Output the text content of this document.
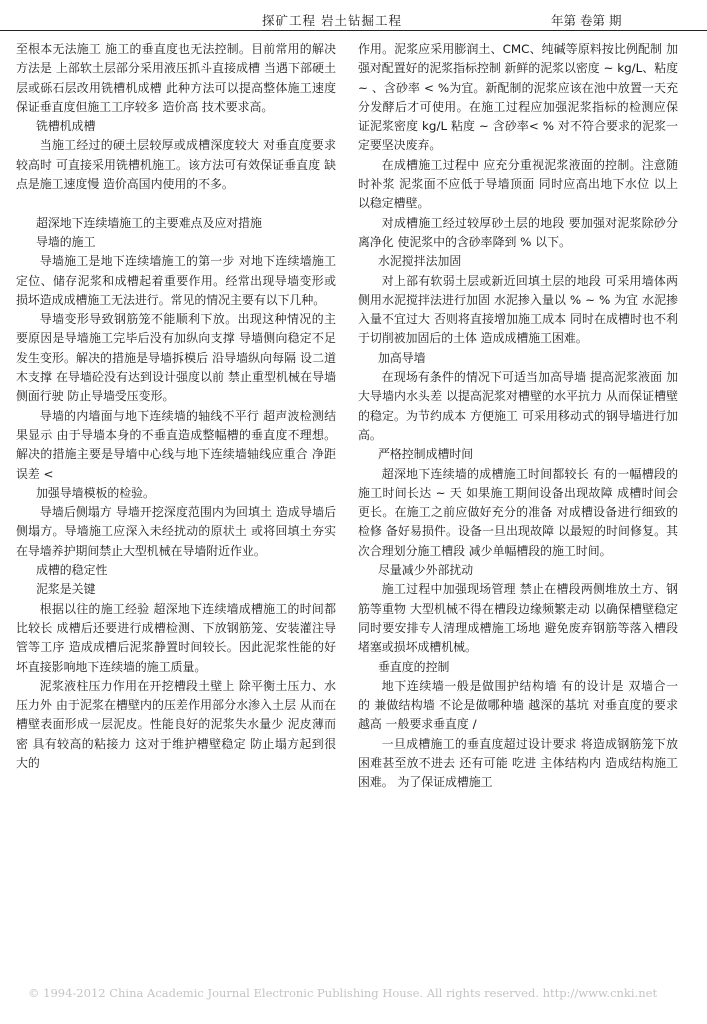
探矿工程 岩土钻掘工程	年第 卷第 期

至根本无法施工 施工的垂直度也无法控制。目前常用的解决方法是 上部软土层部分采用液压抓斗直接成槽 当遇下部硬土层或砾石层改用铣槽机成槽 此种方法可以提高整体施工速度 保证垂直度但施工工序较多 造价高 技术要求高。

铣槽机成槽

当施工经过的硬土层较厚或成槽深度较大 对垂直度要求较高时 可直接采用铣槽机施工。该方法可有效保证垂直度 缺点是施工速度慢 造价高国内使用的不多。

超深地下连续墙施工的主要难点及应对措施

导墙的施工

导墙施工是地下连续墙施工的第一步 对地下连续墙施工定位、储存泥浆和成槽起着重要作用。经常出现导墙变形或损坏造成成槽施工无法进行。常见的情况主要有以下几种。

导墙变形导致钢筋笼不能顺利下放。出现这种情况的主要原因是导墙施工完毕后没有加纵向支撑 导墙侧向稳定不足发生变形。解决的措施是导墙拆模后 沿导墙纵向每隔 设二道木支撑 在导墙砼没有达到设计强度以前 禁止重型机械在导墙侧面行驶 防止导墙受压变形。

导墙的内墙面与地下连续墙的轴线不平行 超声波检测结果显示 由于导墙本身的不垂直造成整幅槽的垂直度不理想。解决的措施主要是导墙中心线与地下连续墙轴线应重合 净距误差 <

加强导墙模板的检验。

导墙后侧塌方 导墙开挖深度范围内为回填土 造成导墙后侧塌方。导墙施工应深入未经扰动的原状土 或将回填土夯实 在导墙养护期间禁止大型机械在导墙附近作业。

成槽的稳定性

泥浆是关键

根据以往的施工经验 超深地下连续墙成槽施工的时间都比较长 成槽后还要进行成槽检测、下放钢筋笼、安装灌注导管等工序 造成成槽后泥浆静置时间较长。因此泥浆性能的好坏直接影响地下连续墙的施工质量。

泥浆液柱压力作用在开挖槽段土壁上 除平衡土压力、水压力外 由于泥浆在槽壁内的压差作用部分水渗入土层 从而在槽壁表面形成一层泥皮。性能良好的泥浆失水量少 泥皮薄而密 具有较高的粘接力 这对于维护槽壁稳定 防止塌方起到很大的

作用。泥浆应采用膨润土、CMC、纯碱等原料按比例配制 加强对配置好的泥浆指标控制 新鲜的泥浆以密度 ~ kg/L、粘度 ~ 、含砂率 < %为宜。新配制的泥浆应该在池中放置一天充分发酵后才可使用。在施工过程应加强泥浆指标的检测应保证泥浆密度 kg/L 粘度 ~ 含砂率< % 对不符合要求的泥浆一定要坚决废弃。

在成槽施工过程中 应充分重视泥浆液面的控制。注意随时补浆 泥浆面不应低于导墙顶面 同时应高出地下水位 以上 以稳定槽壁。

对成槽施工经过较厚砂土层的地段 要加强对泥浆除砂分离净化 使泥浆中的含砂率降到 % 以下。

水泥搅拌法加固

对上部有软弱土层或新近回填土层的地段 可采用墙体两侧用水泥搅拌法进行加固 水泥掺入量以 % ~ % 为宜 水泥掺入量不宜过大 否则将直接增加施工成本 同时在成槽时也不利于切削被加固后的土体 造成成槽施工困难。

加高导墙

在现场有条件的情况下可适当加高导墙 提高泥浆液面 加大导墙内水头差 以提高泥浆对槽壁的水平抗力 从而保证槽壁的稳定。为节约成本 方便施工 可采用移动式的钢导墙进行加高。

严格控制成槽时间

超深地下连续墙的成槽施工时间都较长 有的一幅槽段的施工时间长达 ~ 天 如果施工期间设备出现故障 成槽时间会更长。在施工之前应做好充分的准备 对成槽设备进行细致的检修 备好易损件。设备一旦出现故障 以最短的时间修复。其次合理划分施工槽段 减少单幅槽段的施工时间。

尽量减少外部扰动

施工过程中加强现场管理 禁止在槽段两侧堆放土方、钢筋等重物 大型机械不得在槽段边缘频繁走动 以确保槽壁稳定 同时要安排专人清理成槽施工场地 避免废弃钢筋等落入槽段堵塞或损坏成槽机械。

垂直度的控制

地下连续墙一般是做围护结构墙 有的设计是 双墙合一 的 兼做结构墙 不论是做哪种墙 越深的基坑 对垂直度的要求越高 一般要求垂直度 /

一旦成槽施工的垂直度超过设计要求 将造成钢筋笼下放困难甚至放不进去 还有可能 吃进 主体结构内 造成结构施工困难。 为了保证成槽施工

© 1994-2012 China Academic Journal Electronic Publishing House. All rights reserved. http://www.cnki.net
